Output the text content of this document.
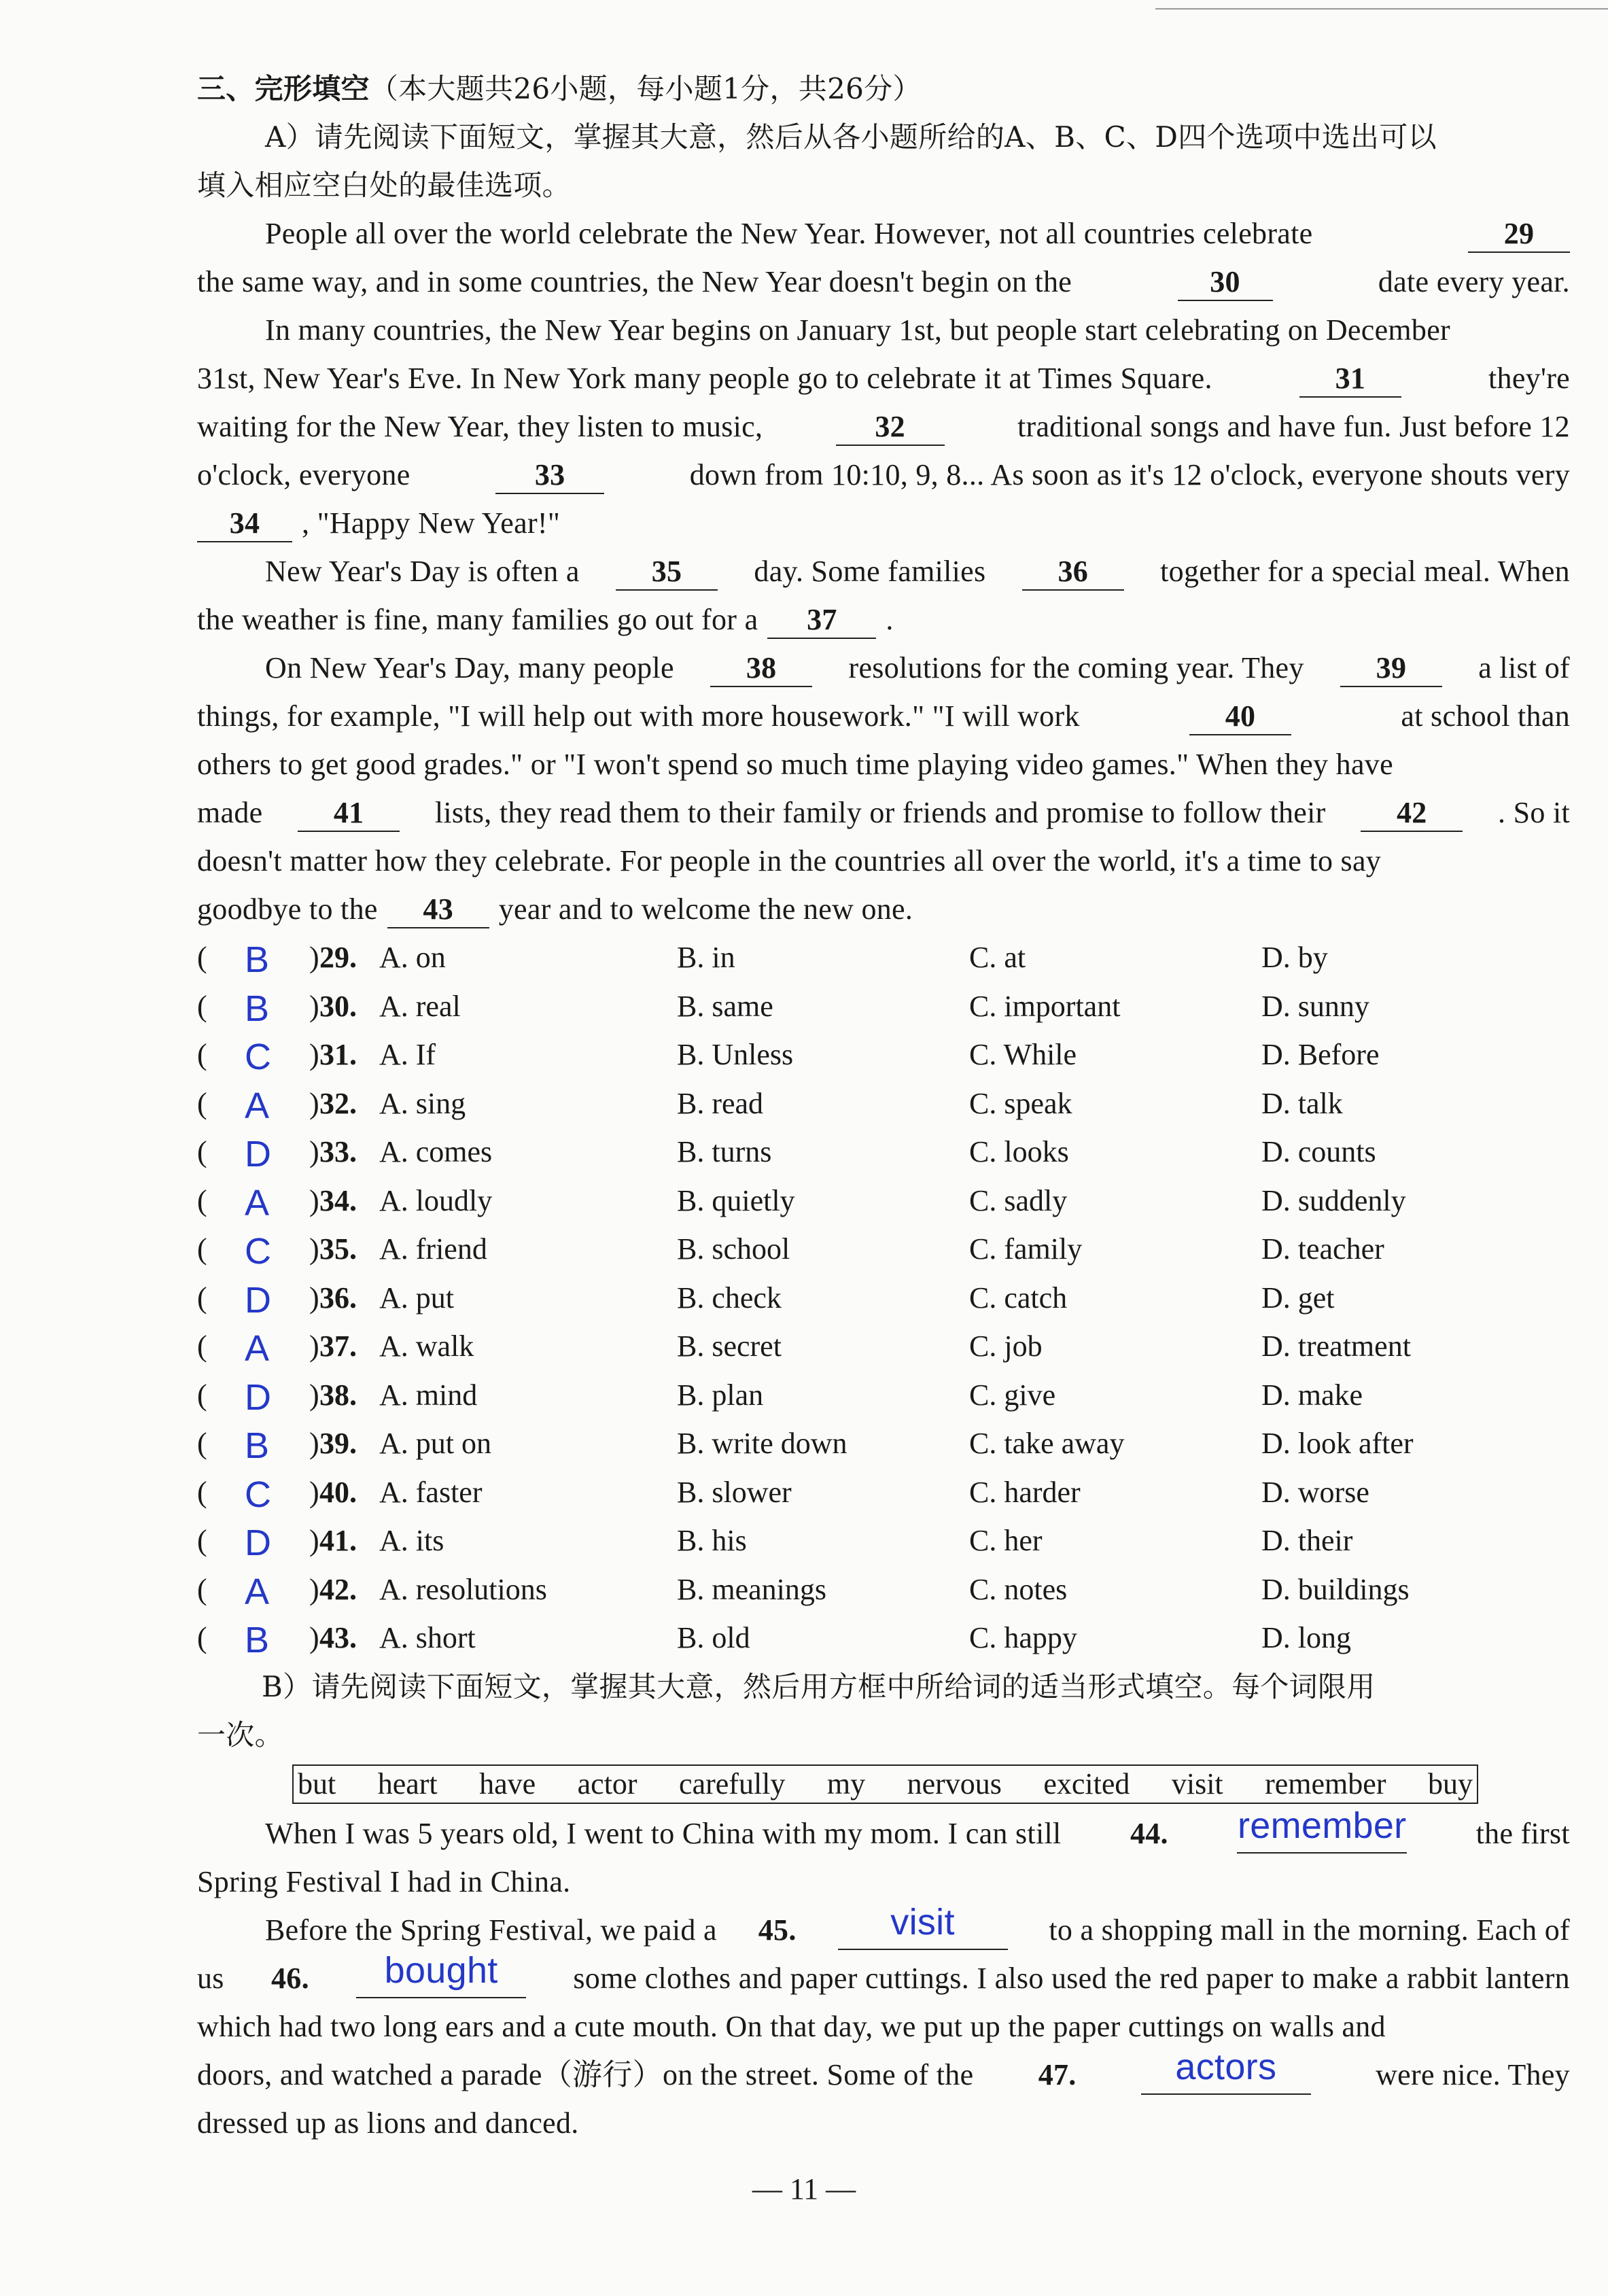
三、完形填空 （本大题共26小题，每小题1分，共26分）
A）请先阅读下面短文，掌握其大意，然后从各小题所给的A、B、C、D四个选项中选出可以
填入相应空白处的最佳选项。
People all over the world celebrate the New Year. However, not all countries celebrate	29
the same way, and in some countries, the New Year doesn't begin on the	30	date every year.
In many countries, the New Year begins on January 1st, but people start celebrating on December
31st, New Year's Eve. In New York many people go to celebrate it at Times Square.	31	they're
waiting for the New Year, they listen to music,	32	traditional songs and have fun. Just before 12
o'clock, everyone	33	down from 10:10, 9, 8... As soon as it's 12 o'clock, everyone shouts very
34	, "Happy New Year!"
New Year's Day is often a	35	day. Some families	36	together for a special meal. When
the weather is fine, many families go out for a	37	.
On New Year's Day, many people	38	resolutions for the coming year. They	39	a list of
things, for example, "I will help out with more housework." "I will work	40	at school than
others to get good grades." or "I won't spend so much time playing video games." When they have
made	41	lists, they read them to their family or friends and promise to follow their	42	. So it
doesn't matter how they celebrate. For people in the countries all over the world, it's a time to say
goodbye to the	43	year and to welcome the new one.
( B ) 29. A. on	B. in	C. at	D. by
( B ) 30. A. real	B. same	C. important	D. sunny
( C ) 31. A. If	B. Unless	C. While	D. Before
( A ) 32. A. sing	B. read	C. speak	D. talk
( D ) 33. A. comes	B. turns	C. looks	D. counts
( A ) 34. A. loudly	B. quietly	C. sadly	D. suddenly
( C ) 35. A. friend	B. school	C. family	D. teacher
( D ) 36. A. put	B. check	C. catch	D. get
( A ) 37. A. walk	B. secret	C. job	D. treatment
( D ) 38. A. mind	B. plan	C. give	D. make
( B ) 39. A. put on	B. write down	C. take away	D. look after
( C ) 40. A. faster	B. slower	C. harder	D. worse
( D ) 41. A. its	B. his	C. her	D. their
( A ) 42. A. resolutions	B. meanings	C. notes	D. buildings
( B ) 43. A. short	B. old	C. happy	D. long
B）请先阅读下面短文，掌握其大意，然后用方框中所给词的适当形式填空。每个词限用
一次。
but heart have actor carefully my nervous excited visit remember buy
When I was 5 years old, I went to China with my mom. I can still 44. remember the first
Spring Festival I had in China.
Before the Spring Festival, we paid a 45.	visit	to a shopping mall in the morning. Each of
us 46.	bought	some clothes and paper cuttings. I also used the red paper to make a rabbit lantern
which had two long ears and a cute mouth. On that day, we put up the paper cuttings on walls and
doors, and watched a parade（游行）on the street. Some of the 47.	actors	were nice. They
dressed up as lions and danced.
— 11 —
